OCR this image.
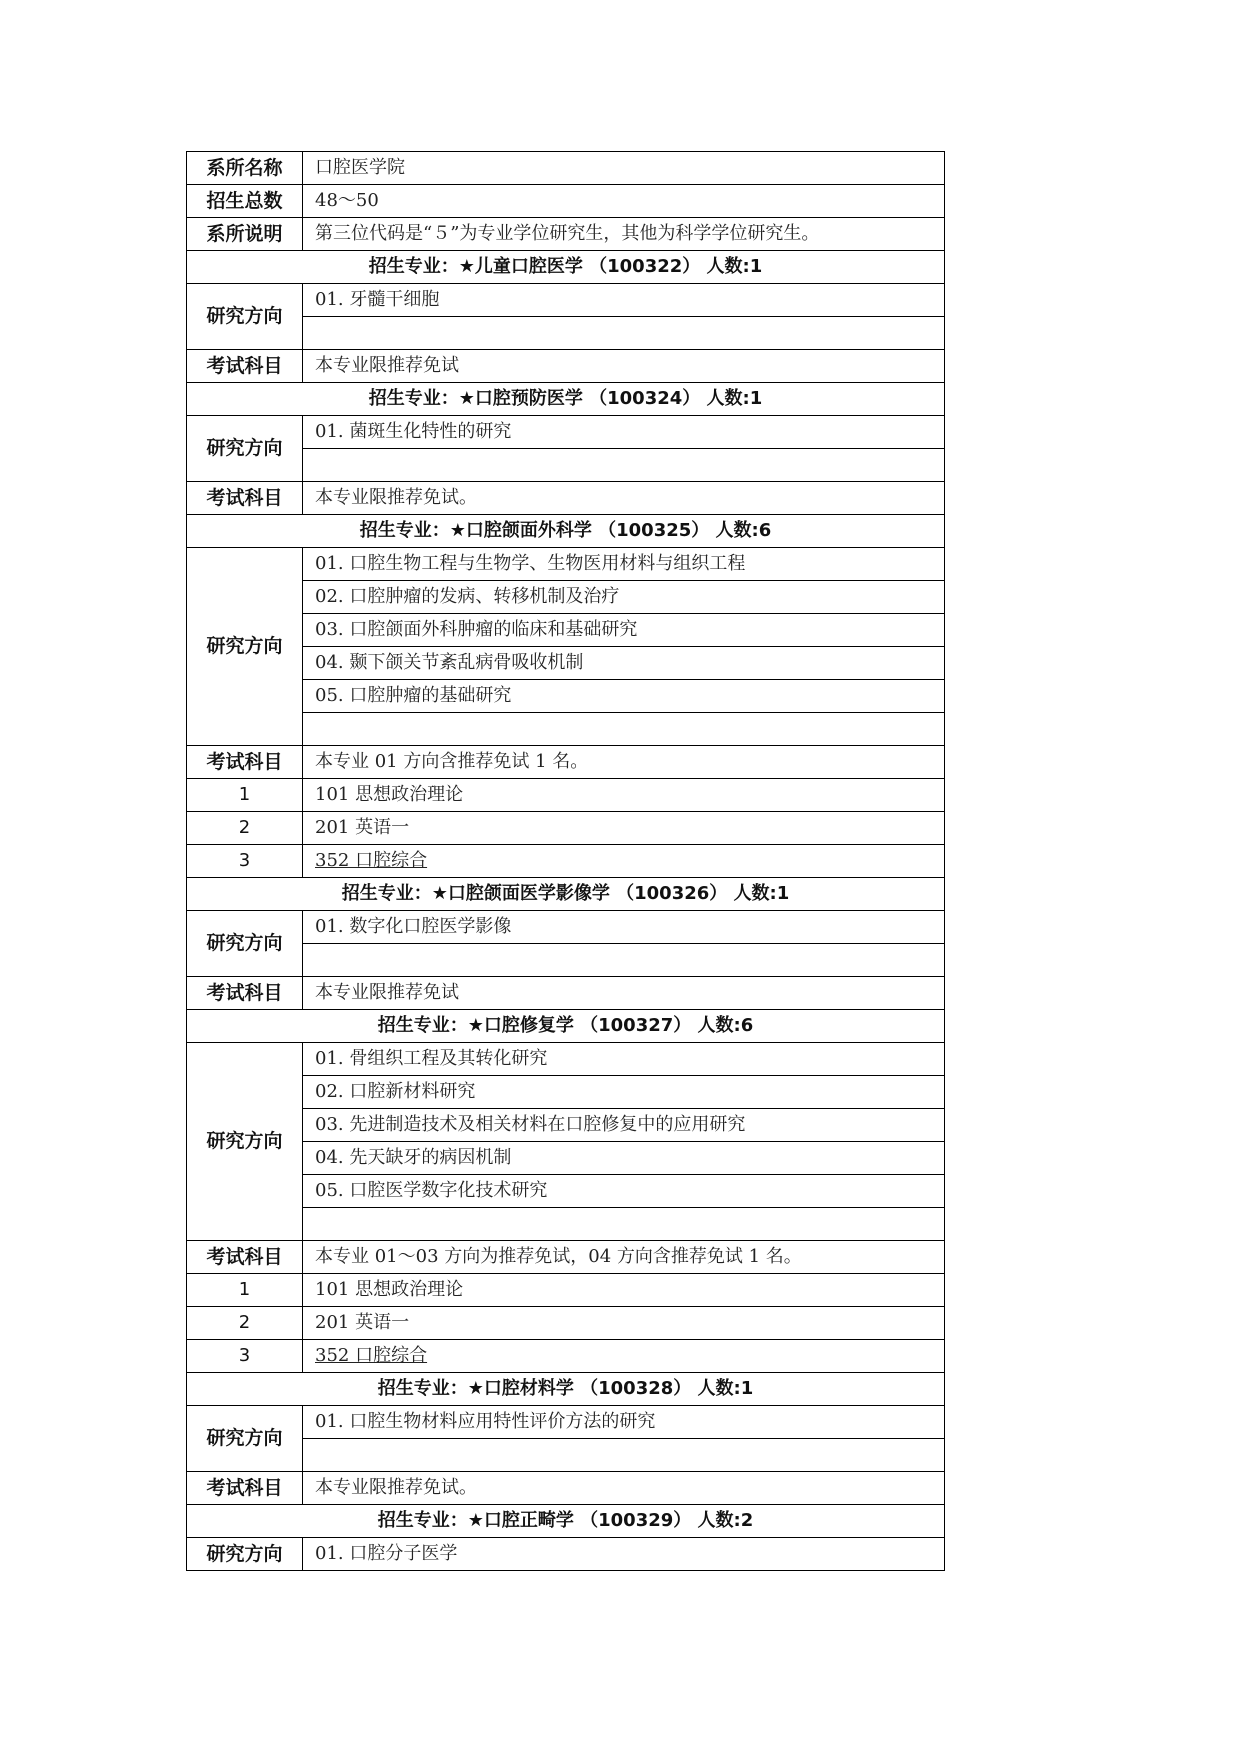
系所名称	口腔医学院
招生总数	48～50
系所说明	第三位代码是“５”为专业学位研究生，其他为科学学位研究生。
招生专业：★儿童口腔医学 （100322） 人数:1	
研究方向	01. 牙髓干细胞

考试科目	本专业限推荐免试
招生专业：★口腔预防医学 （100324） 人数:1	
研究方向	01. 菌斑生化特性的研究

考试科目	本专业限推荐免试。
招生专业：★口腔颌面外科学 （100325） 人数:6	
研究方向	01. 口腔生物工程与生物学、生物医用材料与组织工程
	02. 口腔肿瘤的发病、转移机制及治疗
	03. 口腔颌面外科肿瘤的临床和基础研究
	04. 颞下颌关节紊乱病骨吸收机制
	05. 口腔肿瘤的基础研究

考试科目	本专业 01 方向含推荐免试 1 名。
1	101 思想政治理论
2	201 英语一
3	352 口腔综合
招生专业：★口腔颌面医学影像学 （100326） 人数:1	
研究方向	01. 数字化口腔医学影像

考试科目	本专业限推荐免试
招生专业：★口腔修复学 （100327） 人数:6	
研究方向	01. 骨组织工程及其转化研究
	02. 口腔新材料研究
	03. 先进制造技术及相关材料在口腔修复中的应用研究
	04. 先天缺牙的病因机制
	05. 口腔医学数字化技术研究

考试科目	本专业 01～03 方向为推荐免试，04 方向含推荐免试 1 名。
1	101 思想政治理论
2	201 英语一
3	352 口腔综合
招生专业：★口腔材料学 （100328） 人数:1	
研究方向	01. 口腔生物材料应用特性评价方法的研究

考试科目	本专业限推荐免试。
招生专业：★口腔正畸学 （100329） 人数:2	
研究方向	01. 口腔分子医学
